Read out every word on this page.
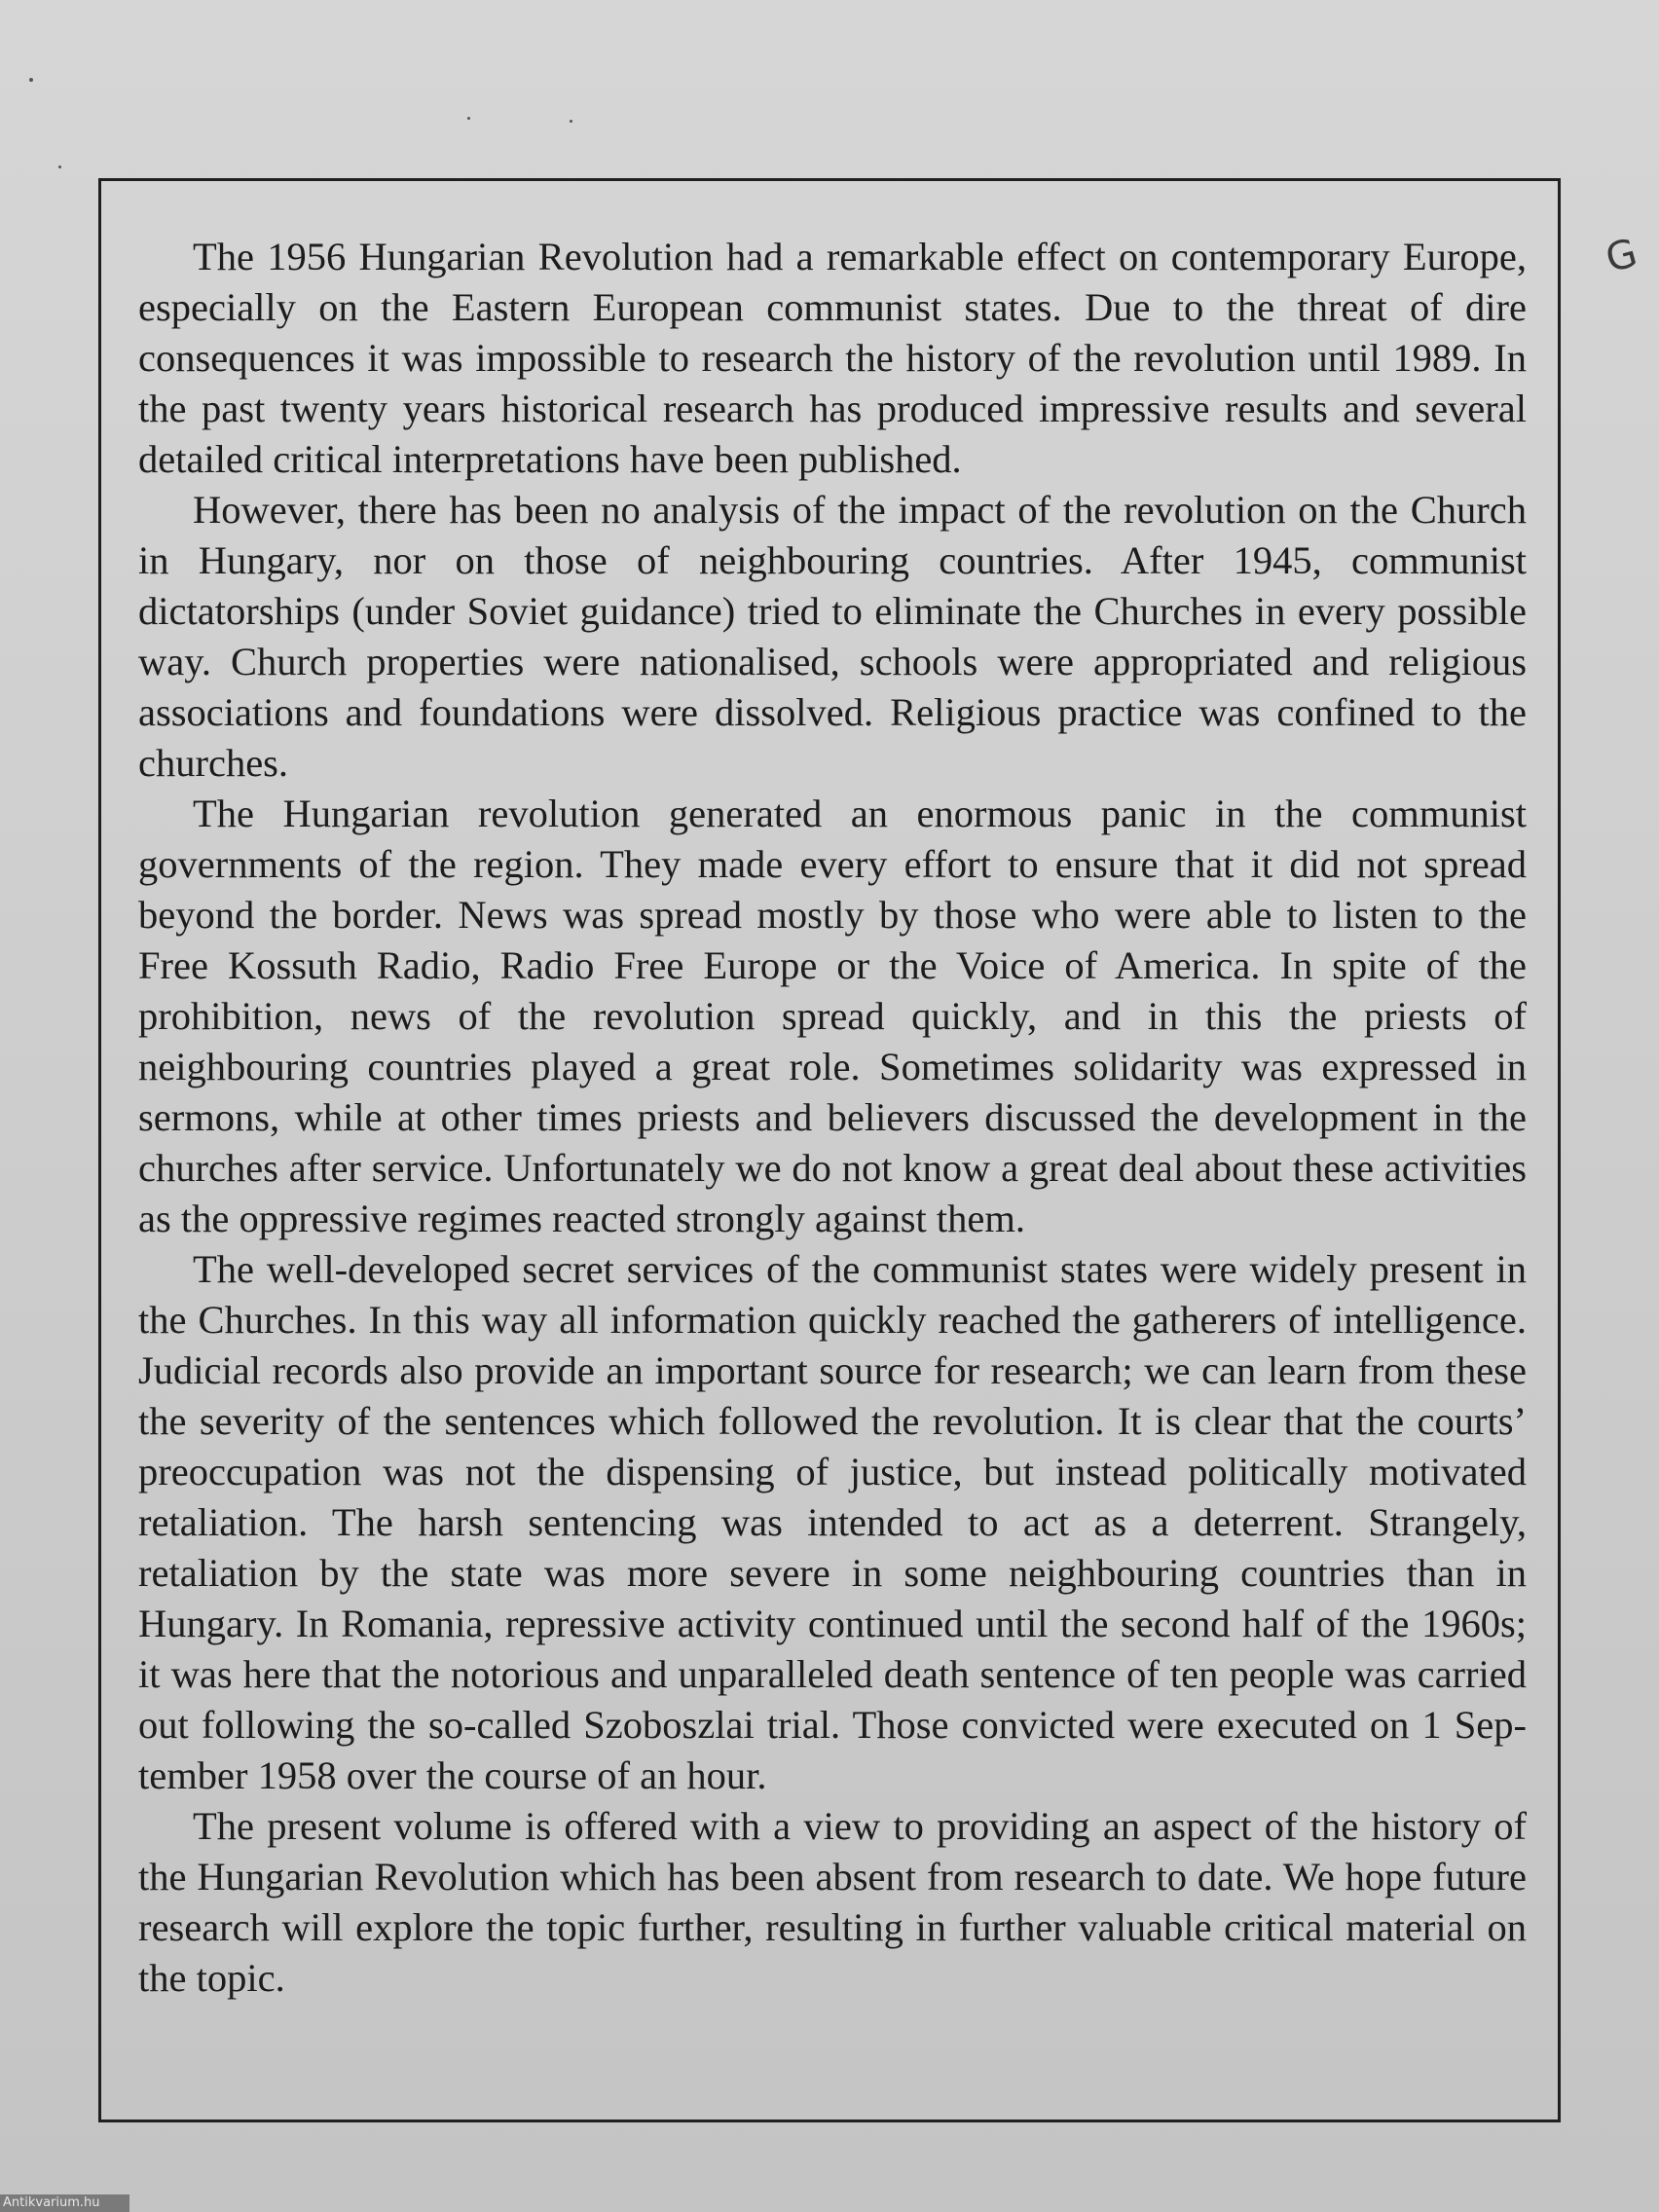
G

The 1956 Hungarian Revolution had a remarkable effect on contemporary Europe, especially on the Eastern European communist states. Due to the threat of dire consequences it was impossible to research the history of the revolution until 1989. In the past twenty years historical research has produced impressive results and several detailed critical interpretations have been published.

However, there has been no analysis of the impact of the revolution on the Church in Hungary, nor on those of neighbouring countries. After 1945, communist dictatorships (under Soviet guidance) tried to eliminate the Churches in every possible way. Church properties were nationalised, schools were appropriated and religious associations and foundations were dissolved. Religious practice was confined to the churches.

The Hungarian revolution generated an enormous panic in the communist governments of the region. They made every effort to ensure that it did not spread beyond the border. News was spread mostly by those who were able to listen to the Free Kossuth Radio, Radio Free Europe or the Voice of America. In spite of the prohibition, news of the revolution spread quickly, and in this the priests of neighbouring countries played a great role. Sometimes solidarity was expressed in sermons, while at other times priests and believers discussed the development in the churches after service. Unfortunately we do not know a great deal about these activities as the oppressive regimes reacted strongly against them.

The well-developed secret services of the communist states were widely present in the Churches. In this way all information quickly reached the gatherers of intelligence. Judicial records also provide an important source for research; we can learn from these the severity of the sentences which followed the revolution. It is clear that the courts’ preoccupation was not the dispensing of justice, but instead politically motivated retaliation. The harsh sentencing was intended to act as a deterrent. Strangely, retaliation by the state was more severe in some neighbouring countries than in Hungary. In Romania, repressive activity continued until the second half of the 1960s; it was here that the notorious and unparalleled death sentence of ten people was carried out following the so-called Szoboszlai trial. Those convicted were executed on 1 September 1958 over the course of an hour.

The present volume is offered with a view to providing an aspect of the history of the Hungarian Revolution which has been absent from research to date. We hope future research will explore the topic further, resulting in further valuable critical material on the topic.

Antikvarium.hu
